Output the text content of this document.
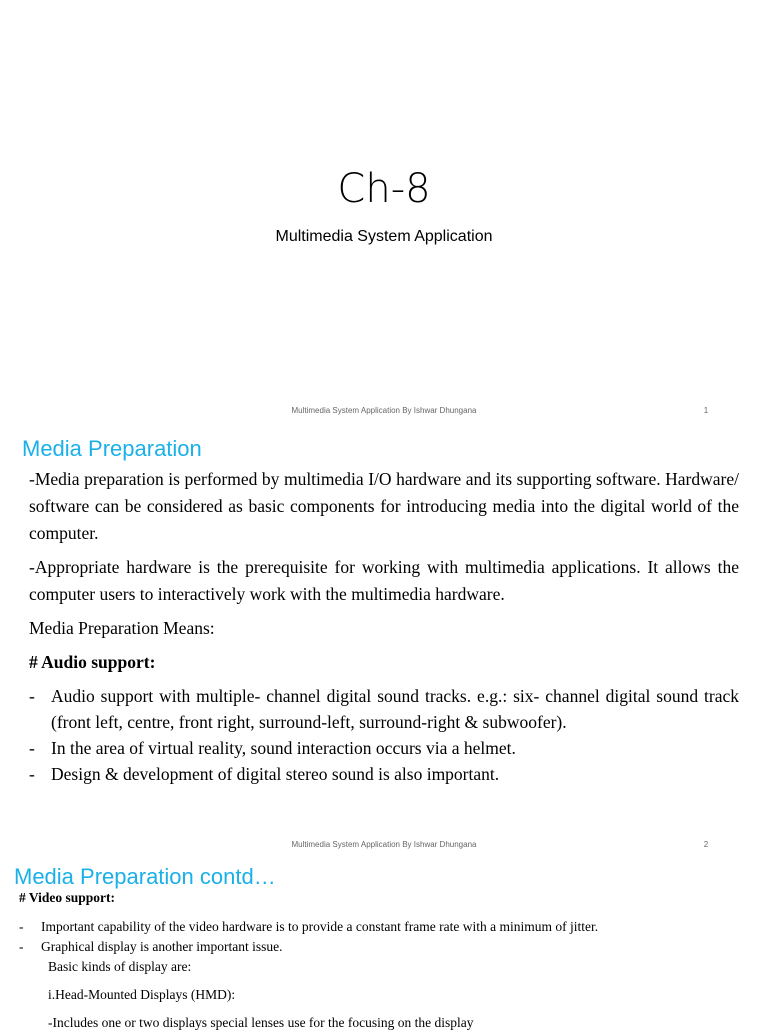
Ch-8
Multimedia System Application
Multimedia System Application By Ishwar Dhungana	1
Media Preparation

-Media preparation is performed by multimedia I/O hardware and its supporting software. Hardware/ software can be considered as basic components for introducing media into the digital world of the computer.

-Appropriate hardware is the prerequisite for working with multimedia applications. It allows the computer users to interactively work with the multimedia hardware.

Media Preparation Means:

# Audio support:

- Audio support with multiple- channel digital sound tracks. e.g.: six- channel digital sound track (front left, centre, front right, surround-left, surround-right & subwoofer).
- In the area of virtual reality, sound interaction occurs via a helmet.
- Design & development of digital stereo sound is also important.
Multimedia System Application By Ishwar Dhungana	2
Media Preparation contd…
# Video support:
- Important capability of the video hardware is to provide a constant frame rate with a minimum of jitter.
- Graphical display is another important issue.
Basic kinds of display are:
i.Head-Mounted Displays (HMD):
-Includes one or two displays special lenses use for the focusing on the display
